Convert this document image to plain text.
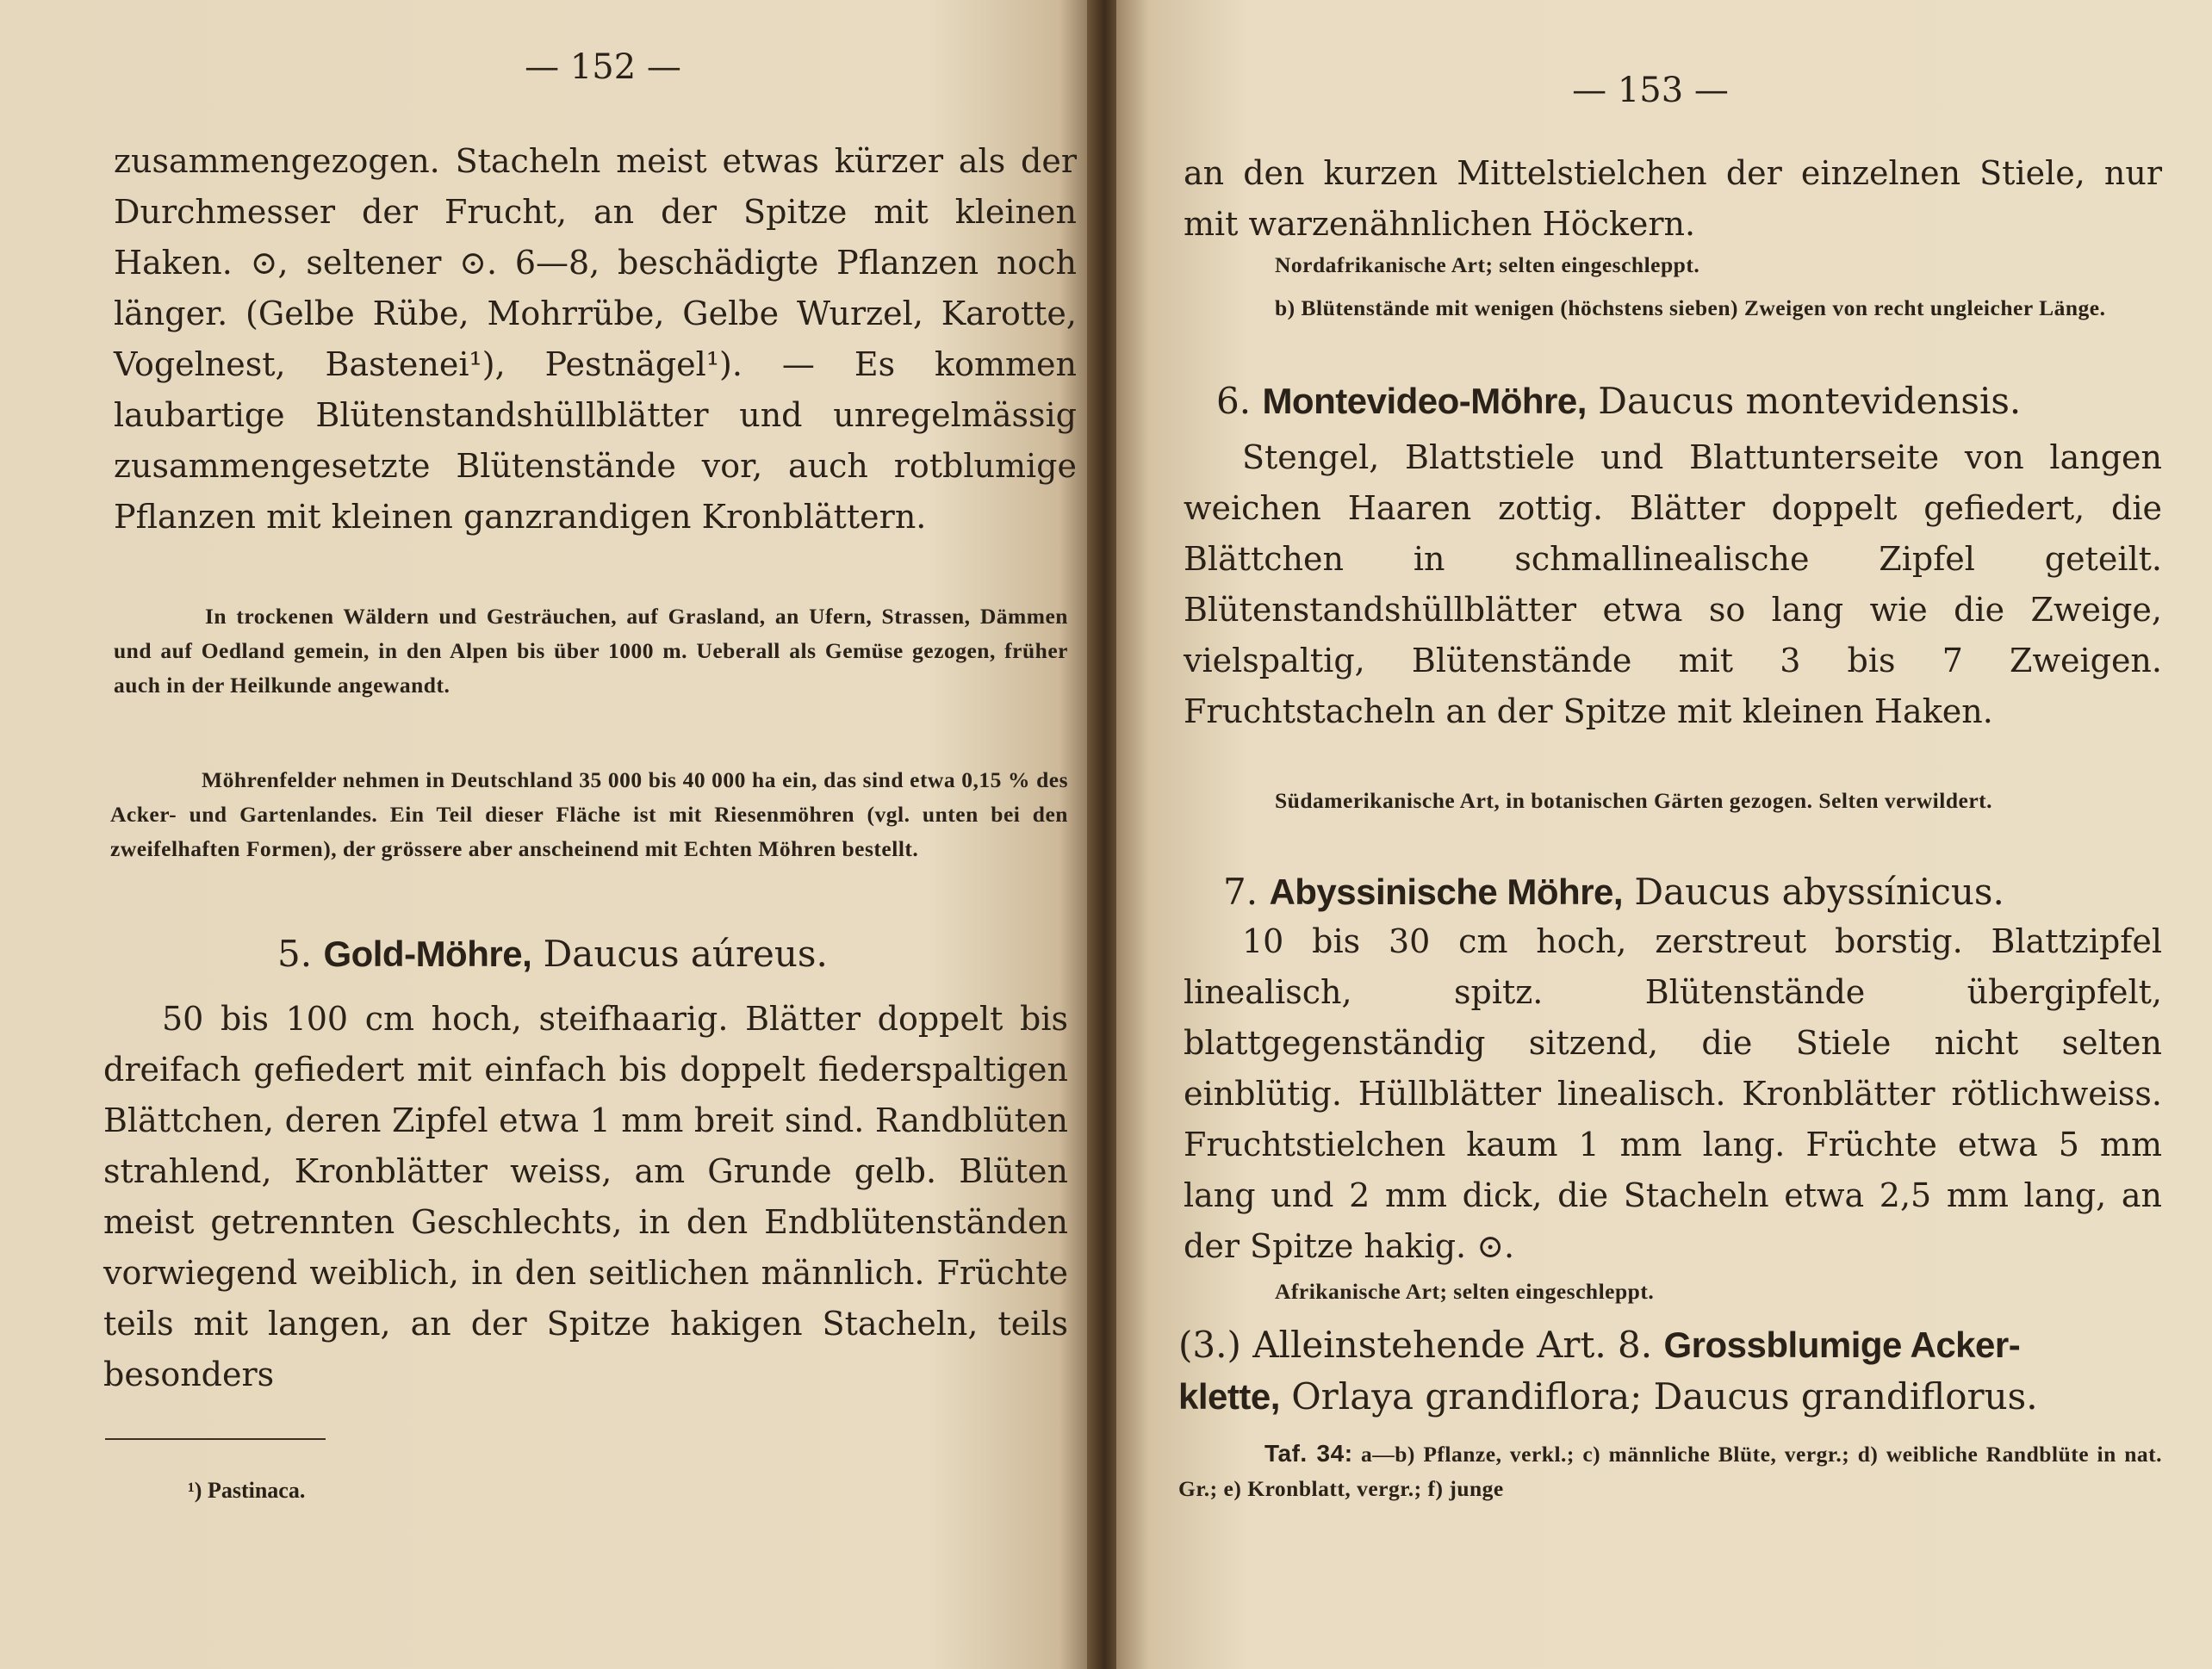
— 152 —

zusammengezogen. Stacheln meist etwas kürzer als der Durchmesser der Frucht, an der Spitze mit kleinen Haken. ⊙, seltener ⊙. 6—8, beschädigte Pflanzen noch länger. (Gelbe Rübe, Mohrrübe, Gelbe Wurzel, Karotte, Vogelnest, Bastenei¹), Pestnägel¹). — Es kommen laubartige Blütenstandshüllblätter und unregelmässig zusammengesetzte Blütenstände vor, auch rotblumige Pflanzen mit kleinen ganzrandigen Kronblättern.

In trockenen Wäldern und Gesträuchen, auf Grasland, an Ufern, Strassen, Dämmen und auf Oedland gemein, in den Alpen bis über 1000 m. Ueberall als Gemüse gezogen, früher auch in der Heilkunde angewandt.

Möhrenfelder nehmen in Deutschland 35 000 bis 40 000 ha ein, das sind etwa 0,15 % des Acker- und Gartenlandes. Ein Teil dieser Fläche ist mit Riesenmöhren (vgl. unten bei den zweifelhaften Formen), der grössere aber anscheinend mit Echten Möhren bestellt.

5. Gold-Möhre, Daucus aúreus.

50 bis 100 cm hoch, steifhaarig. Blätter doppelt bis dreifach gefiedert mit einfach bis doppelt fiederspaltigen Blättchen, deren Zipfel etwa 1 mm breit sind. Randblüten strahlend, Kronblätter weiss, am Grunde gelb. Blüten meist getrennten Geschlechts, in den Endblütenständen vorwiegend weiblich, in den seitlichen männlich. Früchte teils mit langen, an der Spitze hakigen Stacheln, teils besonders

¹) Pastinaca.
— 153 —

an den kurzen Mittelstielchen der einzelnen Stiele, nur mit warzenähnlichen Höckern.

Nordafrikanische Art; selten eingeschleppt.

b) Blütenstände mit wenigen (höchstens sieben) Zweigen von recht ungleicher Länge.

6. Montevideo-Möhre, Daucus montevidensis.

Stengel, Blattstiele und Blattunterseite von langen weichen Haaren zottig. Blätter doppelt gefiedert, die Blättchen in schmallinealische Zipfel geteilt. Blütenstandshüllblätter etwa so lang wie die Zweige, vielspaltig, Blütenstände mit 3 bis 7 Zweigen. Fruchtstacheln an der Spitze mit kleinen Haken.

Südamerikanische Art, in botanischen Gärten gezogen. Selten verwildert.

7. Abyssinische Möhre, Daucus abyssínicus.

10 bis 30 cm hoch, zerstreut borstig. Blattzipfel linealisch, spitz. Blütenstände übergipfelt, blattgegenständig sitzend, die Stiele nicht selten einblütig. Hüllblätter linealisch. Kronblätter rötlichweiss. Fruchtstielchen kaum 1 mm lang. Früchte etwa 5 mm lang und 2 mm dick, die Stacheln etwa 2,5 mm lang, an der Spitze hakig. ⊙.

Afrikanische Art; selten eingeschleppt.

(3.) Alleinstehende Art. 8. Grossblumige Acker-
klette, Orlaya grandiflora; Daucus grandiflorus.

Taf. 34: a—b) Pflanze, verkl.; c) männliche Blüte, vergr.; d) weibliche Randblüte in nat. Gr.; e) Kronblatt, vergr.; f) junge
